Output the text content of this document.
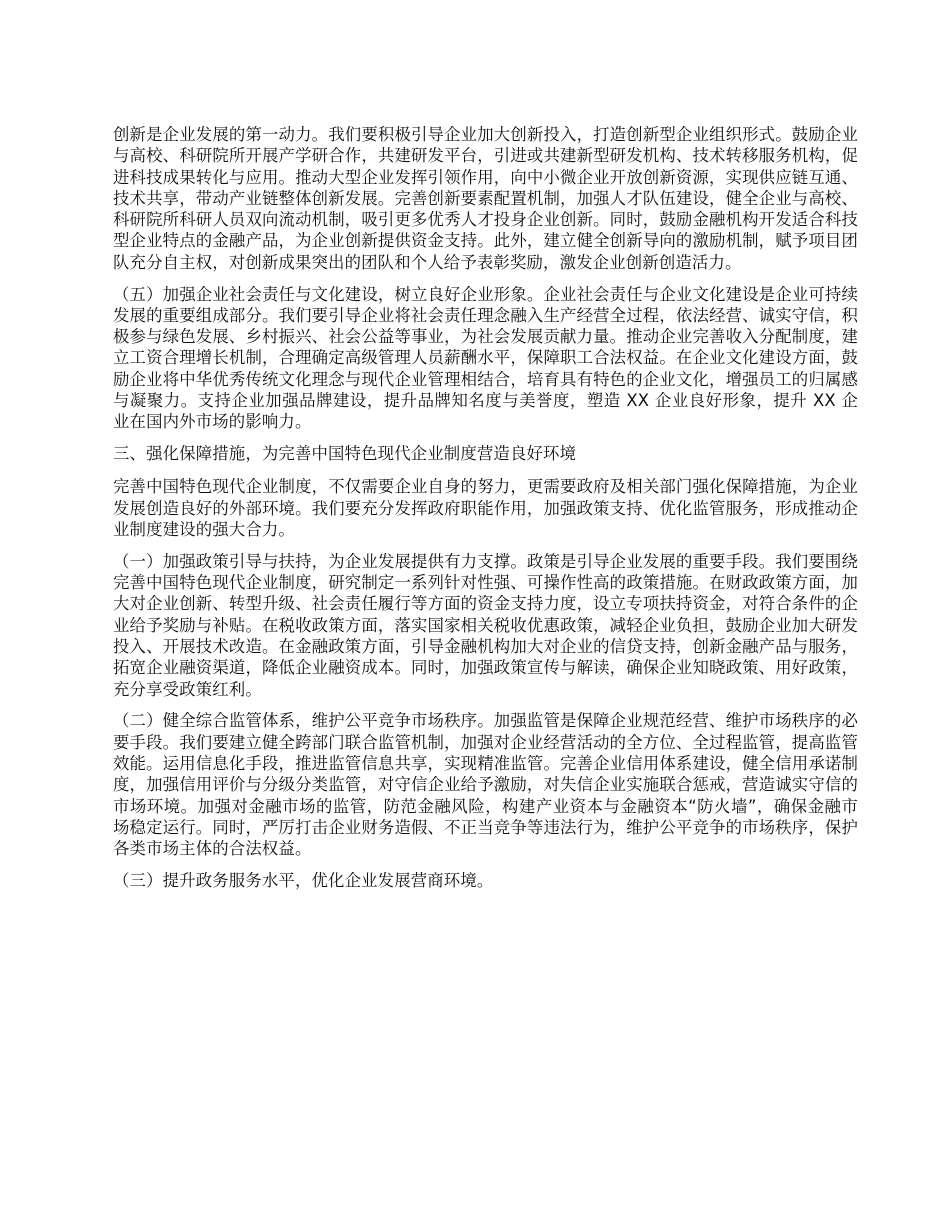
创新是企业发展的第一动力。我们要积极引导企业加大创新投入，打造创新型企业组织形式。鼓励企业与高校、科研院所开展产学研合作，共建研发平台，引进或共建新型研发机构、技术转移服务机构，促进科技成果转化与应用。推动大型企业发挥引领作用，向中小微企业开放创新资源，实现供应链互通、技术共享，带动产业链整体创新发展。完善创新要素配置机制，加强人才队伍建设，健全企业与高校、科研院所科研人员双向流动机制，吸引更多优秀人才投身企业创新。同时，鼓励金融机构开发适合科技型企业特点的金融产品，为企业创新提供资金支持。此外，建立健全创新导向的激励机制，赋予项目团队充分自主权，对创新成果突出的团队和个人给予表彰奖励，激发企业创新创造活力。

（五）加强企业社会责任与文化建设，树立良好企业形象。企业社会责任与企业文化建设是企业可持续发展的重要组成部分。我们要引导企业将社会责任理念融入生产经营全过程，依法经营、诚实守信，积极参与绿色发展、乡村振兴、社会公益等事业，为社会发展贡献力量。推动企业完善收入分配制度，建立工资合理增长机制，合理确定高级管理人员薪酬水平，保障职工合法权益。在企业文化建设方面，鼓励企业将中华优秀传统文化理念与现代企业管理相结合，培育具有特色的企业文化，增强员工的归属感与凝聚力。支持企业加强品牌建设，提升品牌知名度与美誉度，塑造 XX 企业良好形象，提升 XX 企业在国内外市场的影响力。

三、强化保障措施，为完善中国特色现代企业制度营造良好环境

完善中国特色现代企业制度，不仅需要企业自身的努力，更需要政府及相关部门强化保障措施，为企业发展创造良好的外部环境。我们要充分发挥政府职能作用，加强政策支持、优化监管服务，形成推动企业制度建设的强大合力。

（一）加强政策引导与扶持，为企业发展提供有力支撑。政策是引导企业发展的重要手段。我们要围绕完善中国特色现代企业制度，研究制定一系列针对性强、可操作性高的政策措施。在财政政策方面，加大对企业创新、转型升级、社会责任履行等方面的资金支持力度，设立专项扶持资金，对符合条件的企业给予奖励与补贴。在税收政策方面，落实国家相关税收优惠政策，减轻企业负担，鼓励企业加大研发投入、开展技术改造。在金融政策方面，引导金融机构加大对企业的信贷支持，创新金融产品与服务，拓宽企业融资渠道，降低企业融资成本。同时，加强政策宣传与解读，确保企业知晓政策、用好政策，充分享受政策红利。

（二）健全综合监管体系，维护公平竞争市场秩序。加强监管是保障企业规范经营、维护市场秩序的必要手段。我们要建立健全跨部门联合监管机制，加强对企业经营活动的全方位、全过程监管，提高监管效能。运用信息化手段，推进监管信息共享，实现精准监管。完善企业信用体系建设，健全信用承诺制度，加强信用评价与分级分类监管，对守信企业给予激励，对失信企业实施联合惩戒，营造诚实守信的市场环境。加强对金融市场的监管，防范金融风险，构建产业资本与金融资本“防火墙”，确保金融市场稳定运行。同时，严厉打击企业财务造假、不正当竞争等违法行为，维护公平竞争的市场秩序，保护各类市场主体的合法权益。

（三）提升政务服务水平，优化企业发展营商环境。
